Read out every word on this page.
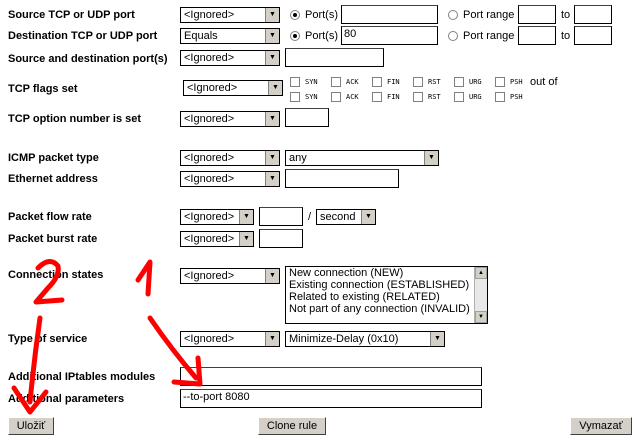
Source TCP or UDP port	<Ignored>	▼	Port(s)	Port range	to
Destination TCP or UDP port	Equals	▼	Port(s) 80	Port range	to
Source and destination port(s)	<Ignored>	▼
TCP flags set	<Ignored>	▼
SYN	ACK	FIN	RST	URG	PSH out of
SYN	ACK	FIN	RST	URG	PSH
TCP option number is set	<Ignored>	▼
ICMP packet type	<Ignored>	▼	any	▼
Ethernet address	<Ignored>	▼
Packet flow rate	<Ignored>	▼	/ second	▼
Packet burst rate	<Ignored>	▼
Connection states	<Ignored>	▼ New connection (NEW)
Existing connection (ESTABLISHED)
Related to existing (RELATED)
Not part of any connection (INVALID)
▲
▼
Type of service	<Ignored>	▼	Minimize-Delay (0x10)	▼
Additional IPtables modules
Additional parameters	--to-port 8080
Uložiť	Clone rule	Vymazať
